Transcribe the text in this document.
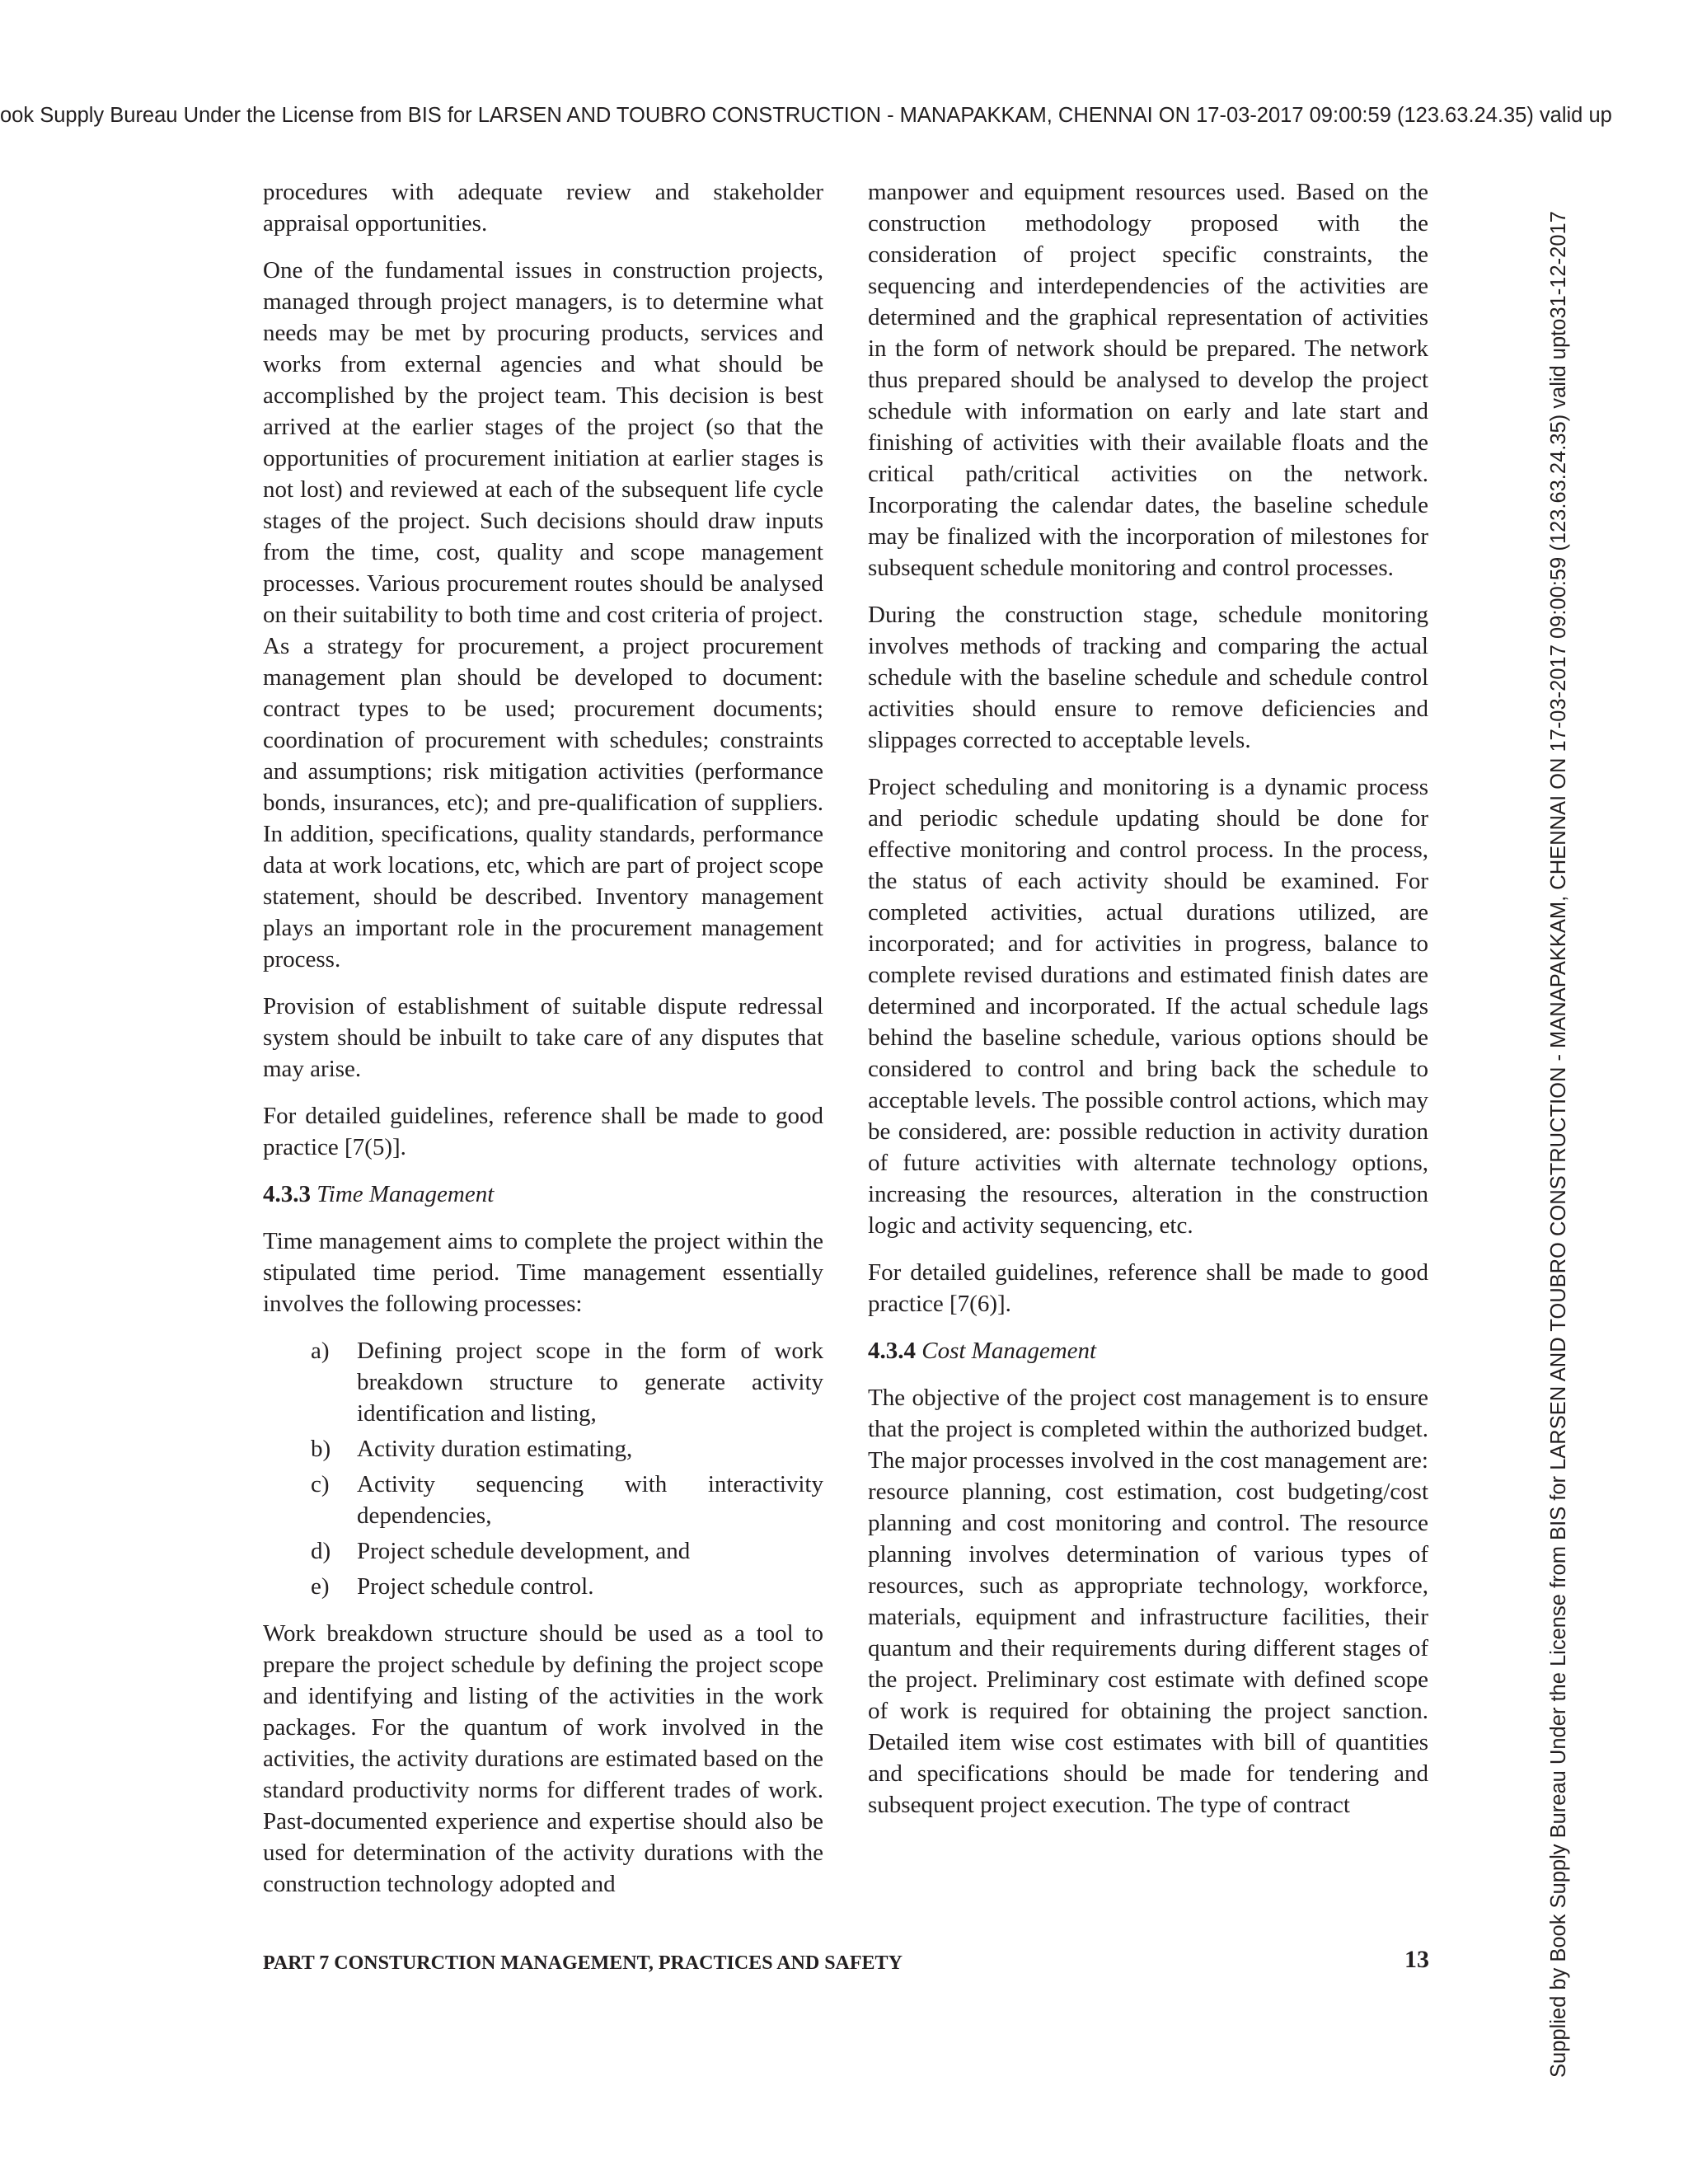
ook Supply Bureau Under the License from BIS for LARSEN AND TOUBRO CONSTRUCTION - MANAPAKKAM, CHENNAI ON 17-03-2017 09:00:59 (123.63.24.35) valid up
Supplied by Book Supply Bureau Under the License from BIS for LARSEN AND TOUBRO CONSTRUCTION - MANAPAKKAM, CHENNAI ON 17-03-2017 09:00:59 (123.63.24.35) valid upto31-12-2017

procedures with adequate review and stakeholder appraisal opportunities.

One of the fundamental issues in construction projects, managed through project managers, is to determine what needs may be met by procuring products, services and works from external agencies and what should be accomplished by the project team. This decision is best arrived at the earlier stages of the project (so that the opportunities of procurement initiation at earlier stages is not lost) and reviewed at each of the subsequent life cycle stages of the project. Such decisions should draw inputs from the time, cost, quality and scope management processes. Various procurement routes should be analysed on their suitability to both time and cost criteria of project. As a strategy for procurement, a project procurement management plan should be developed to document: contract types to be used; procurement documents; coordination of procurement with schedules; constraints and assumptions; risk mitigation activities (performance bonds, insurances, etc); and pre-qualification of suppliers. In addition, specifications, quality standards, performance data at work locations, etc, which are part of project scope statement, should be described. Inventory management plays an important role in the procurement management process.

Provision of establishment of suitable dispute redressal system should be inbuilt to take care of any disputes that may arise.

For detailed guidelines, reference shall be made to good practice [7(5)].

4.3.3 Time Management

Time management aims to complete the project within the stipulated time period. Time management essentially involves the following processes:

a) Defining project scope in the form of work breakdown structure to generate activity identification and listing,
b) Activity duration estimating,
c) Activity sequencing with interactivity dependencies,
d) Project schedule development, and
e) Project schedule control.

Work breakdown structure should be used as a tool to prepare the project schedule by defining the project scope and identifying and listing of the activities in the work packages. For the quantum of work involved in the activities, the activity durations are estimated based on the standard productivity norms for different trades of work. Past-documented experience and expertise should also be used for determination of the activity durations with the construction technology adopted and

manpower and equipment resources used. Based on the construction methodology proposed with the consideration of project specific constraints, the sequencing and interdependencies of the activities are determined and the graphical representation of activities in the form of network should be prepared. The network thus prepared should be analysed to develop the project schedule with information on early and late start and finishing of activities with their available floats and the critical path/critical activities on the network. Incorporating the calendar dates, the baseline schedule may be finalized with the incorporation of milestones for subsequent schedule monitoring and control processes.

During the construction stage, schedule monitoring involves methods of tracking and comparing the actual schedule with the baseline schedule and schedule control activities should ensure to remove deficiencies and slippages corrected to acceptable levels.

Project scheduling and monitoring is a dynamic process and periodic schedule updating should be done for effective monitoring and control process. In the process, the status of each activity should be examined. For completed activities, actual durations utilized, are incorporated; and for activities in progress, balance to complete revised durations and estimated finish dates are determined and incorporated. If the actual schedule lags behind the baseline schedule, various options should be considered to control and bring back the schedule to acceptable levels. The possible control actions, which may be considered, are: possible reduction in activity duration of future activities with alternate technology options, increasing the resources, alteration in the construction logic and activity sequencing, etc.

For detailed guidelines, reference shall be made to good practice [7(6)].

4.3.4 Cost Management

The objective of the project cost management is to ensure that the project is completed within the authorized budget. The major processes involved in the cost management are: resource planning, cost estimation, cost budgeting/cost planning and cost monitoring and control. The resource planning involves determination of various types of resources, such as appropriate technology, workforce, materials, equipment and infrastructure facilities, their quantum and their requirements during different stages of the project. Preliminary cost estimate with defined scope of work is required for obtaining the project sanction. Detailed item wise cost estimates with bill of quantities and specifications should be made for tendering and subsequent project execution. The type of contract

PART 7 CONSTURCTION MANAGEMENT, PRACTICES AND SAFETY	13
